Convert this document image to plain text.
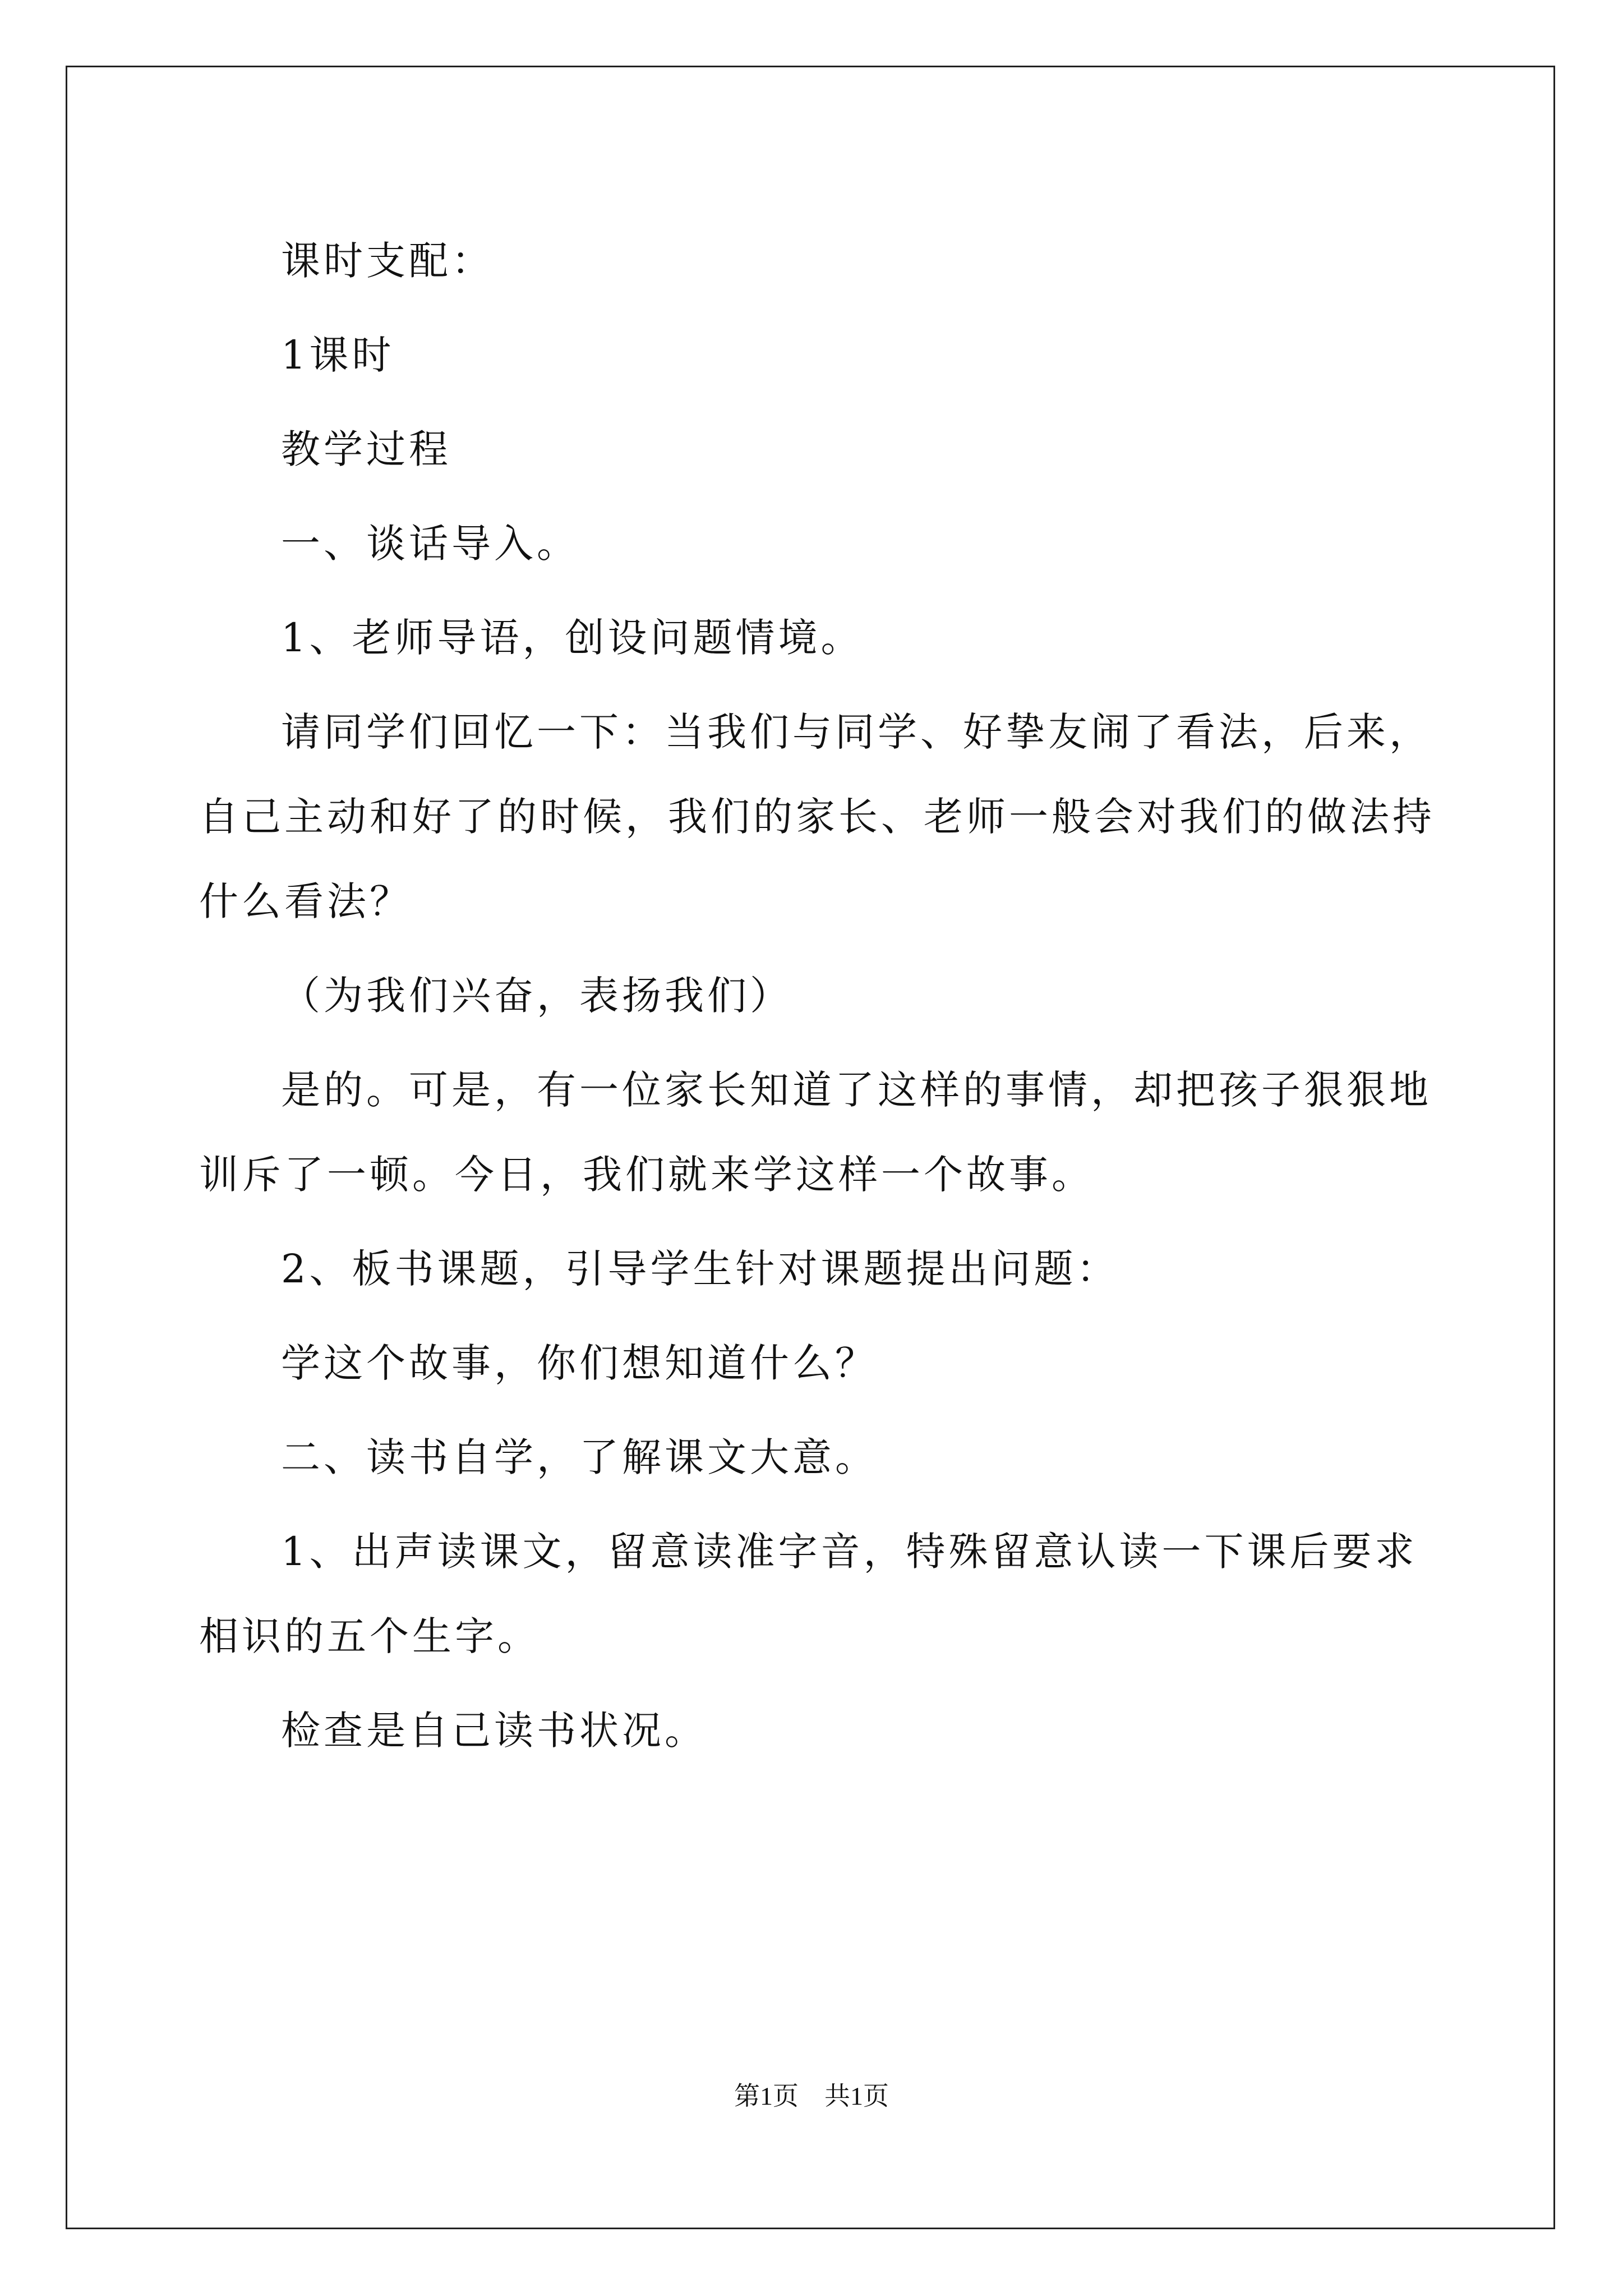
课时支配：

1课时

教学过程

一、谈话导入。

1、老师导语，创设问题情境。

请同学们回忆一下：当我们与同学、好挚友闹了看法，后来，自己主动和好了的时候，我们的家长、老师一般会对我们的做法持什么看法？

（为我们兴奋，表扬我们）

是的。可是，有一位家长知道了这样的事情，却把孩子狠狠地训斥了一顿。今日，我们就来学这样一个故事。

2、板书课题，引导学生针对课题提出问题：

学这个故事，你们想知道什么？

二、读书自学，了解课文大意。

1、出声读课文，留意读准字音，特殊留意认读一下课后要求相识的五个生字。

检查是自己读书状况。

第1页 共1页
